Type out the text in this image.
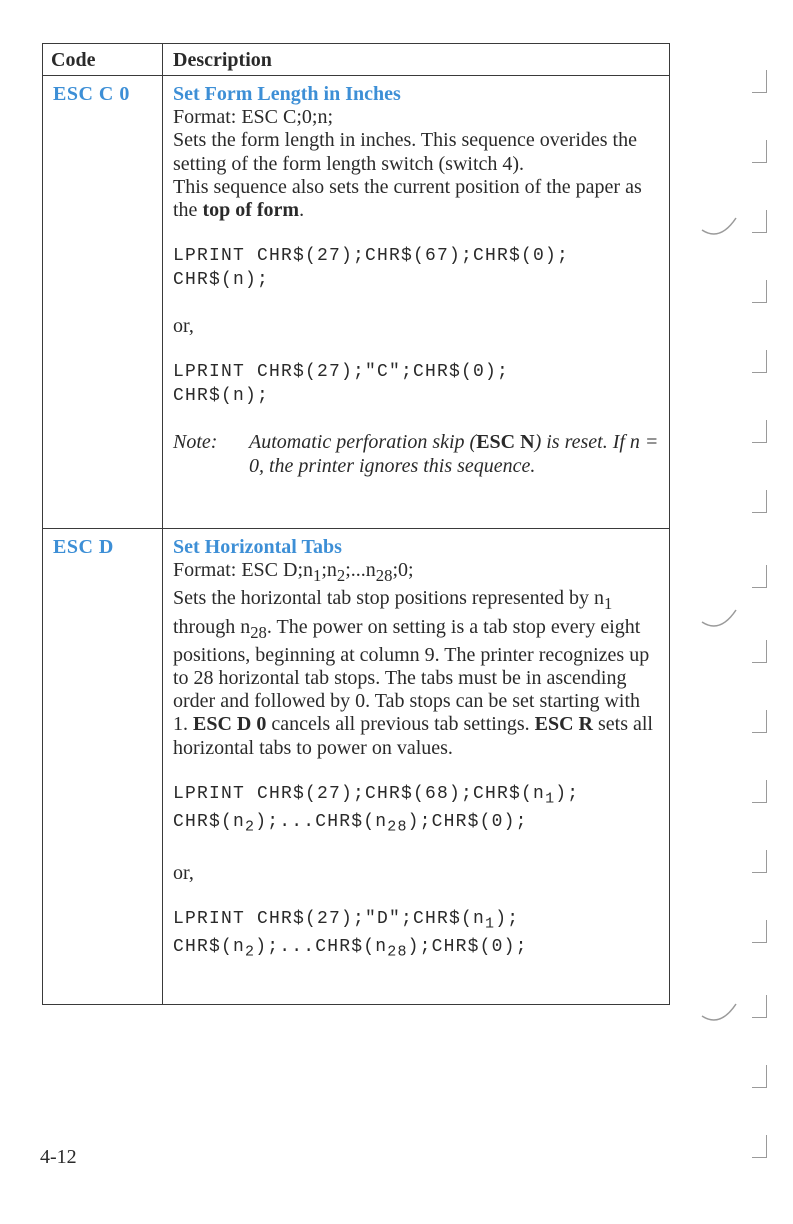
Code	Description
ESC C 0 Set Form Length in Inches

Format: ESC C;0;n;

Sets the form length in inches. This sequence overides the setting of the form length switch (switch 4).

This sequence also sets the current position of the paper as the top of form.

LPRINT CHR$(27);CHR$(67);CHR$(0);

CHR$(n);

or,

LPRINT CHR$(27);"C";CHR$(0);

CHR$(n);

Note: Automatic perforation skip (ESC N) is reset. If n = 0, the printer ignores this sequence.

ESC D	Set Horizontal Tabs

Format: ESC $D;n_1;n_2;...n_{28};0$;

Sets the horizontal tab stop positions represented by $n_1$ through $n_{28}$. The power on setting is a tab stop every eight positions, beginning at column 9. The printer recognizes up to 28 horizontal tab stops. The tabs must be in ascending order and followed by 0. Tab stops can be set starting with 1. ESC D 0 cancels all previous tab settings. ESC R sets all horizontal tabs to power on values.

LPRINT $CHR\$(27);CHR\$(68);CHR\$(n_1)$;

$CHR\$(n_2);...CHR\$(n_{28});CHR\$(0)$;

or,

LPRINT $CHR\$(27);"D";CHR\$(n_1)$;

$CHR\$(n_2);...CHR\$(n_{28});CHR\$(0)$;

4-12
